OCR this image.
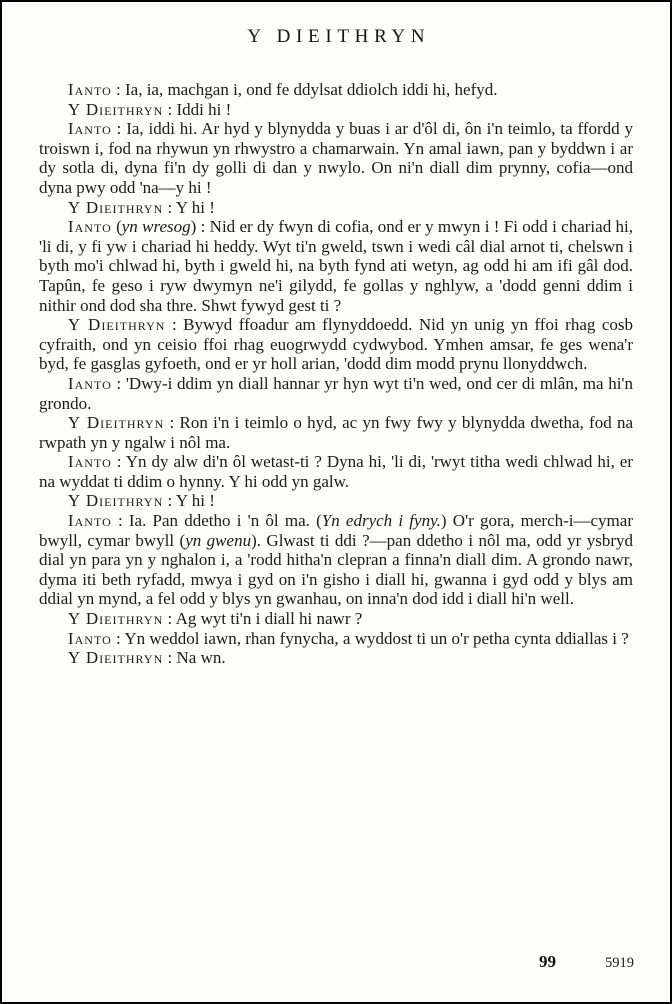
Y DIEITHRYN

Ianto : Ia, ia, machgan i, ond fe ddylsat ddiolch iddi hi, hefyd.

Y Dieithryn : Iddi hi !

Ianto : Ia, iddi hi. Ar hyd y blynydda y buas i ar d'ôl di, ôn i'n teimlo, ta ffordd y troiswn i, fod na rhywun yn rhwystro a chamarwain. Yn amal iawn, pan y byddwn i ar dy sotla di, dyna fi'n dy golli di dan y nwylo. On ni'n diall dim prynny, cofia—ond dyna pwy odd 'na—y hi !

Y Dieithryn : Y hi !

Ianto (yn wresog) : Nid er dy fwyn di cofia, ond er y mwyn i ! Fi odd i chariad hi, 'li di, y fi yw i chariad hi heddy. Wyt ti'n gweld, tswn i wedi câl dial arnot ti, chelswn i byth mo'i chlwad hi, byth i gweld hi, na byth fynd ati wetyn, ag odd hi am ifi gâl dod. Tapûn, fe geso i ryw dwymyn ne'i gilydd, fe gollas y nghlyw, a 'dodd genni ddim i nithir ond dod sha thre. Shwt fywyd gest ti ?

Y Dieithryn : Bywyd ffoadur am flynyddoedd. Nid yn unig yn ffoi rhag cosb cyfraith, ond yn ceisio ffoi rhag euogrwydd cydwybod. Ymhen amsar, fe ges wena'r byd, fe gasglas gyfoeth, ond er yr holl arian, 'dodd dim modd prynu llonyddwch.

Ianto : 'Dwy-i ddim yn diall hannar yr hyn wyt ti'n wed, ond cer di mlân, ma hi'n grondo.

Y Dieithryn : Ron i'n i teimlo o hyd, ac yn fwy fwy y blynydda dwetha, fod na rwpath yn y ngalw i nôl ma.

Ianto : Yn dy alw di'n ôl wetast-ti ? Dyna hi, 'li di, 'rwyt titha wedi chlwad hi, er na wyddat ti ddim o hynny. Y hi odd yn galw.

Y Dieithryn : Y hi !

Ianto : Ia. Pan ddetho i 'n ôl ma. (Yn edrych i fyny.) O'r gora, merch-i—cymar bwyll, cymar bwyll (yn gwenu). Glwast ti ddi ?—pan ddetho i nôl ma, odd yr ysbryd dial yn para yn y nghalon i, a 'rodd hitha'n clepran a finna'n diall dim. A grondo nawr, dyma iti beth ryfadd, mwya i gyd on i'n gisho i diall hi, gwanna i gyd odd y blys am ddial yn mynd, a fel odd y blys yn gwanhau, on inna'n dod idd i diall hi'n well.

Y Dieithryn : Ag wyt ti'n i diall hi nawr ?

Ianto : Yn weddol iawn, rhan fynycha, a wyddost ti un o'r petha cynta ddiallas i ?

Y Dieithryn : Na wn.

99	5919
